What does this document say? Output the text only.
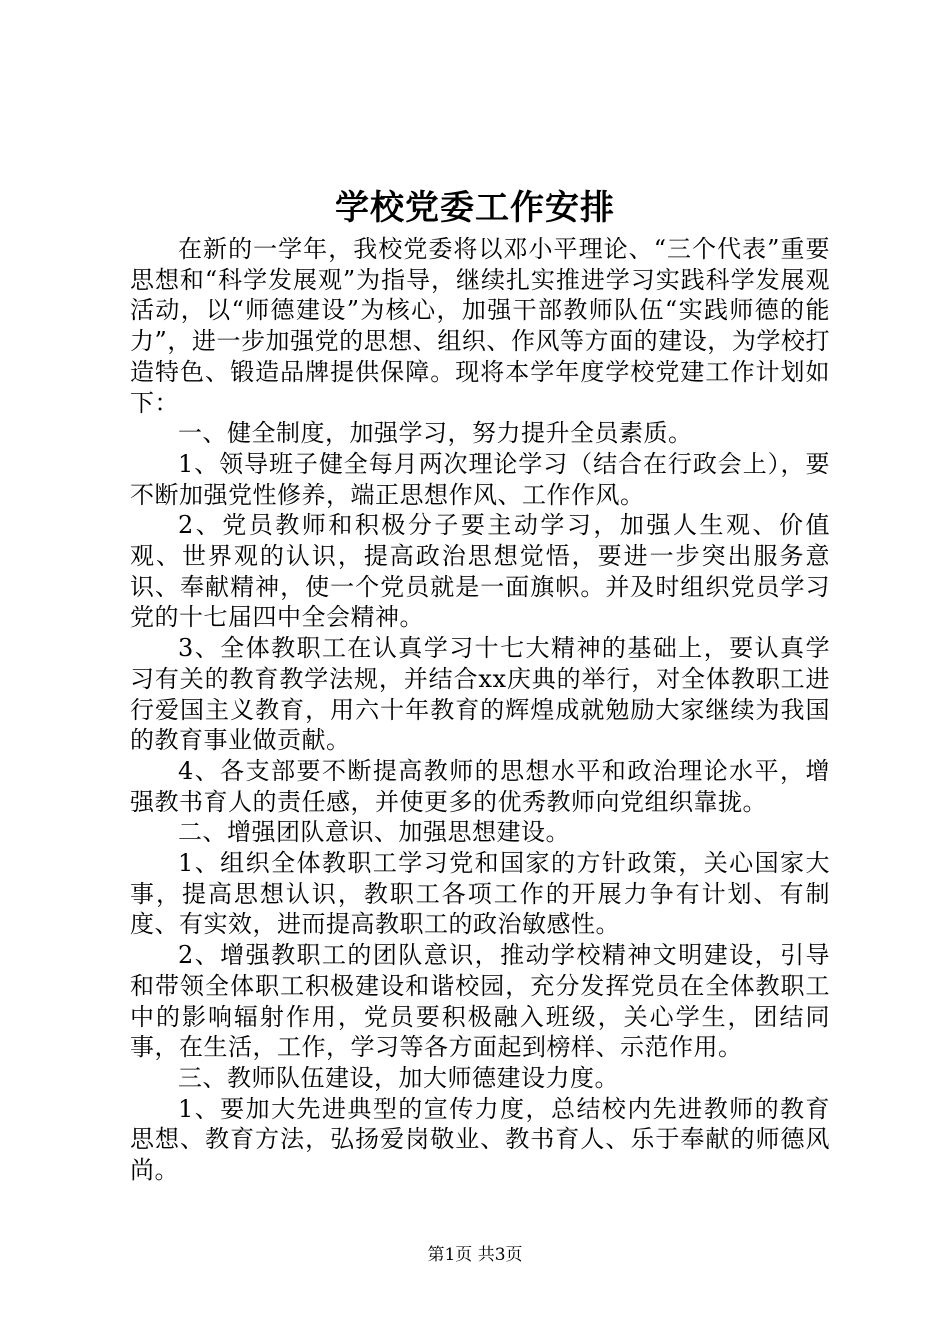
学校党委工作安排

在新的一学年，我校党委将以邓小平理论、“三个代表”重要思想和“科学发展观”为指导，继续扎实推进学习实践科学发展观活动，以“师德建设”为核心，加强干部教师队伍“实践师德的能力”，进一步加强党的思想、组织、作风等方面的建设，为学校打造特色、锻造品牌提供保障。现将本学年度学校党建工作计划如下：

一、健全制度，加强学习，努力提升全员素质。

1、领导班子健全每月两次理论学习（结合在行政会上），要不断加强党性修养，端正思想作风、工作作风。

2、党员教师和积极分子要主动学习，加强人生观、价值观、世界观的认识，提高政治思想觉悟，要进一步突出服务意识、奉献精神，使一个党员就是一面旗帜。并及时组织党员学习党的十七届四中全会精神。

3、全体教职工在认真学习十七大精神的基础上，要认真学习有关的教育教学法规，并结合xx庆典的举行，对全体教职工进行爱国主义教育，用六十年教育的辉煌成就勉励大家继续为我国的教育事业做贡献。

4、各支部要不断提高教师的思想水平和政治理论水平，增强教书育人的责任感，并使更多的优秀教师向党组织靠拢。

二、增强团队意识、加强思想建设。

1、组织全体教职工学习党和国家的方针政策，关心国家大事，提高思想认识，教职工各项工作的开展力争有计划、有制度、有实效，进而提高教职工的政治敏感性。

2、增强教职工的团队意识，推动学校精神文明建设，引导和带领全体职工积极建设和谐校园，充分发挥党员在全体教职工中的影响辐射作用，党员要积极融入班级，关心学生，团结同事，在生活，工作，学习等各方面起到榜样、示范作用。

三、教师队伍建设，加大师德建设力度。

1、要加大先进典型的宣传力度，总结校内先进教师的教育思想、教育方法，弘扬爱岗敬业、教书育人、乐于奉献的师德风尚。

第1页 共3页
